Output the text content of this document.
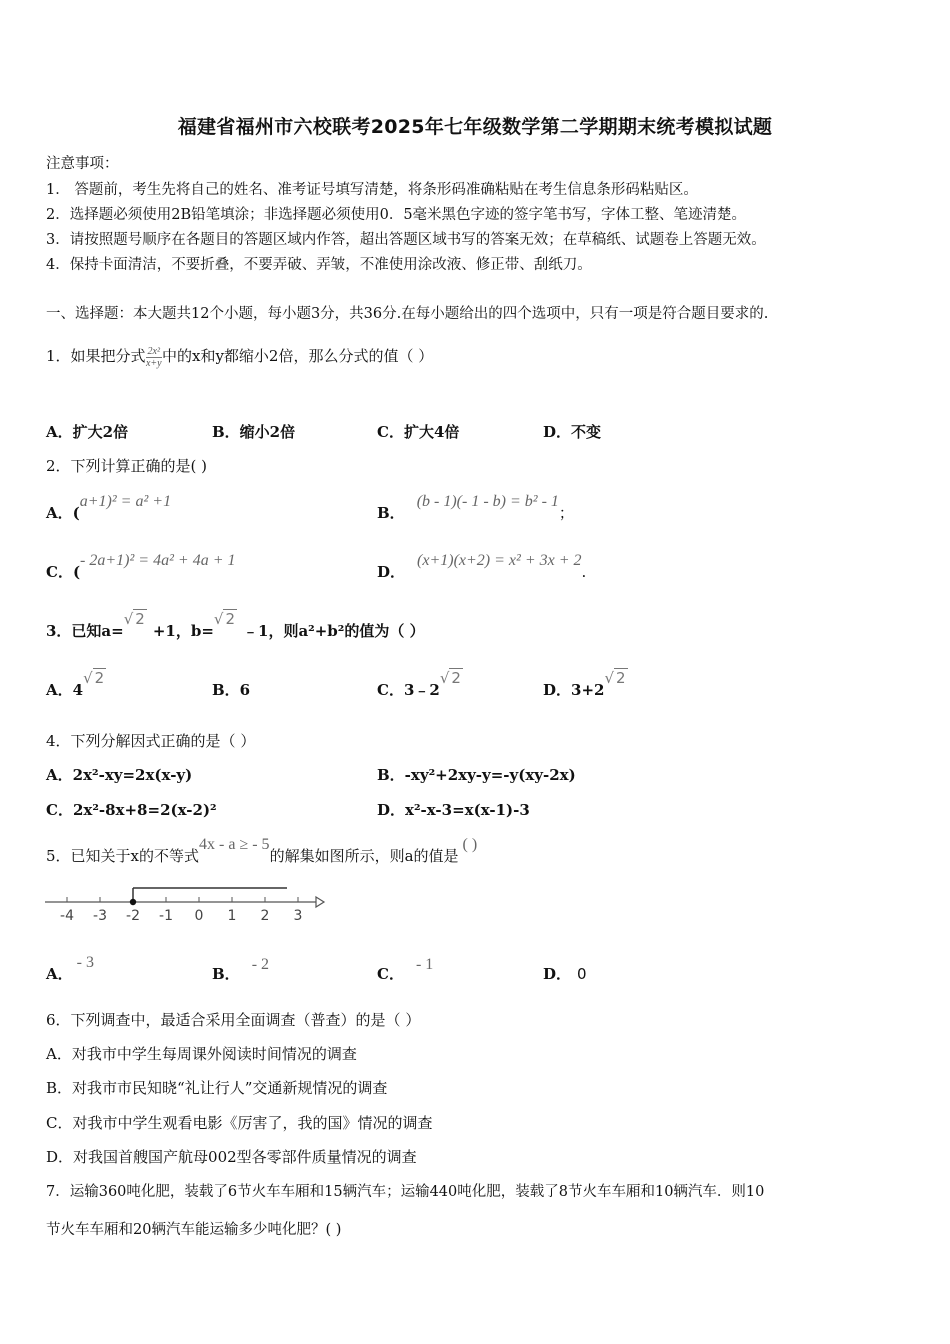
福建省福州市六校联考2025年七年级数学第二学期期末统考模拟试题
注意事项：
1． 答题前，考生先将自己的姓名、准考证号填写清楚，将条形码准确粘贴在考生信息条形码粘贴区。
2．选择题必须使用2B铅笔填涂；非选择题必须使用0．5毫米黑色字迹的签字笔书写，字体工整、笔迹清楚。
3．请按照题号顺序在各题目的答题区域内作答，超出答题区域书写的答案无效；在草稿纸、试题卷上答题无效。
4．保持卡面清洁，不要折叠，不要弄破、弄皱，不准使用涂改液、修正带、刮纸刀。
一、选择题：本大题共12个小题，每小题3分，共36分.在每小题给出的四个选项中，只有一项是符合题目要求的.
1．如果把分式 $\frac{\text{2x²}}{x+y}$ 中的x和y都缩小2倍，那么分式的值（ ）
A．扩大2倍	B．缩小2倍	C．扩大4倍	D．不变
2．下列计算正确的是( )
A．(a+1)² = a² +1
B．(b - 1)(- 1 - b) = b² - 1；
C．(- 2a+1)² = 4a² + 4a + 1
D．(x+1)(x+2) = x² + 3x + 2.
3．已知a=√ 2+1，b=√ 2﹣1，则a²+b²的值为（ ）
A．4√ 2
B．6	C．3﹣2√ 2
D．3+2√ 2
4．下列分解因式正确的是（ ）
A．2x²-xy=2x(x-y)	B．-xy²+2xy-y=-y(xy-2x)
C．2x²-8x+8=2(x-2)²	D．x²-x-3=x(x-1)-3
5．已知关于x的不等式4x - a ≥ - 5的解集如图所示，则a的值是( )
-4 -3 -2 -1 0 1 2 3
A．- 3
B．- 2
C．- 1
D． 0
6．下列调查中，最适合采用全面调查（普查）的是（ ）
A．对我市中学生每周课外阅读时间情况的调查
B．对我市市民知晓“礼让行人”交通新规情况的调查
C．对我市中学生观看电影《厉害了，我的国》情况的调查
D．对我国首艘国产航母002型各零部件质量情况的调查
7．运输360吨化肥，装载了6节火车车厢和15辆汽车；运输440吨化肥，装载了8节火车车厢和10辆汽车．则10
节火车车厢和20辆汽车能运输多少吨化肥？( )
